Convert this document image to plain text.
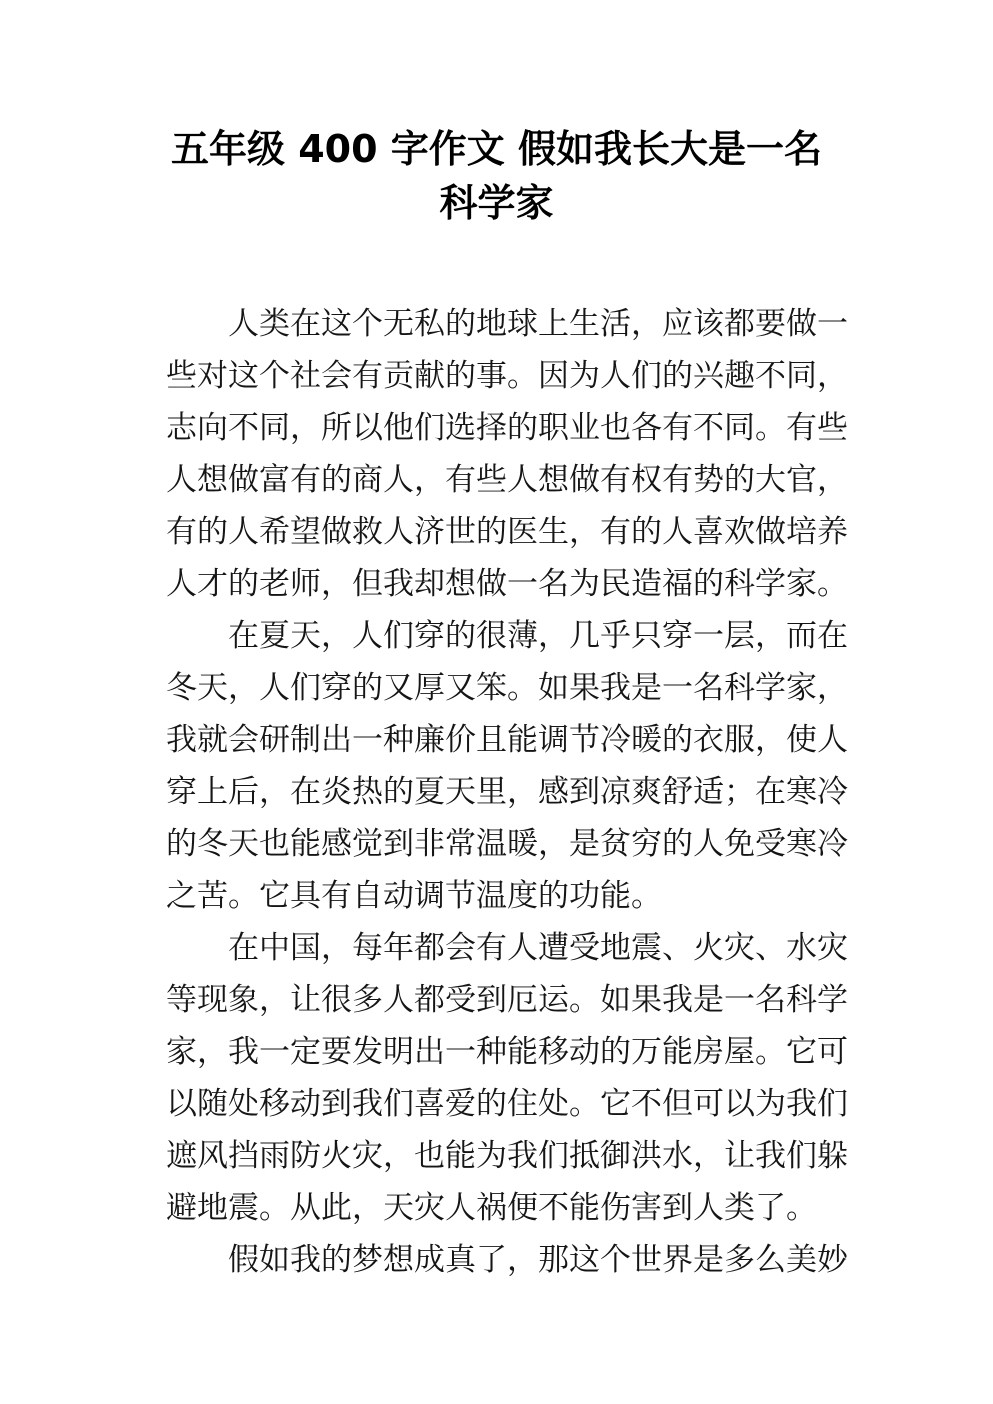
五年级 400 字作文 假如我长大是一名
科学家
人类在这个无私的地球上生活，应该都要做一
些对这个社会有贡献的事。因为人们的兴趣不同，
志向不同，所以他们选择的职业也各有不同。有些
人想做富有的商人，有些人想做有权有势的大官，
有的人希望做救人济世的医生，有的人喜欢做培养
人才的老师，但我却想做一名为民造福的科学家。
在夏天，人们穿的很薄，几乎只穿一层，而在
冬天，人们穿的又厚又笨。如果我是一名科学家，
我就会研制出一种廉价且能调节冷暖的衣服，使人
穿上后，在炎热的夏天里，感到凉爽舒适；在寒冷
的冬天也能感觉到非常温暖，是贫穷的人免受寒冷
之苦。它具有自动调节温度的功能。
在中国，每年都会有人遭受地震、火灾、水灾
等现象，让很多人都受到厄运。如果我是一名科学
家，我一定要发明出一种能移动的万能房屋。它可
以随处移动到我们喜爱的住处。它不但可以为我们
遮风挡雨防火灾，也能为我们抵御洪水，让我们躲
避地震。从此，天灾人祸便不能伤害到人类了。
假如我的梦想成真了，那这个世界是多么美妙
